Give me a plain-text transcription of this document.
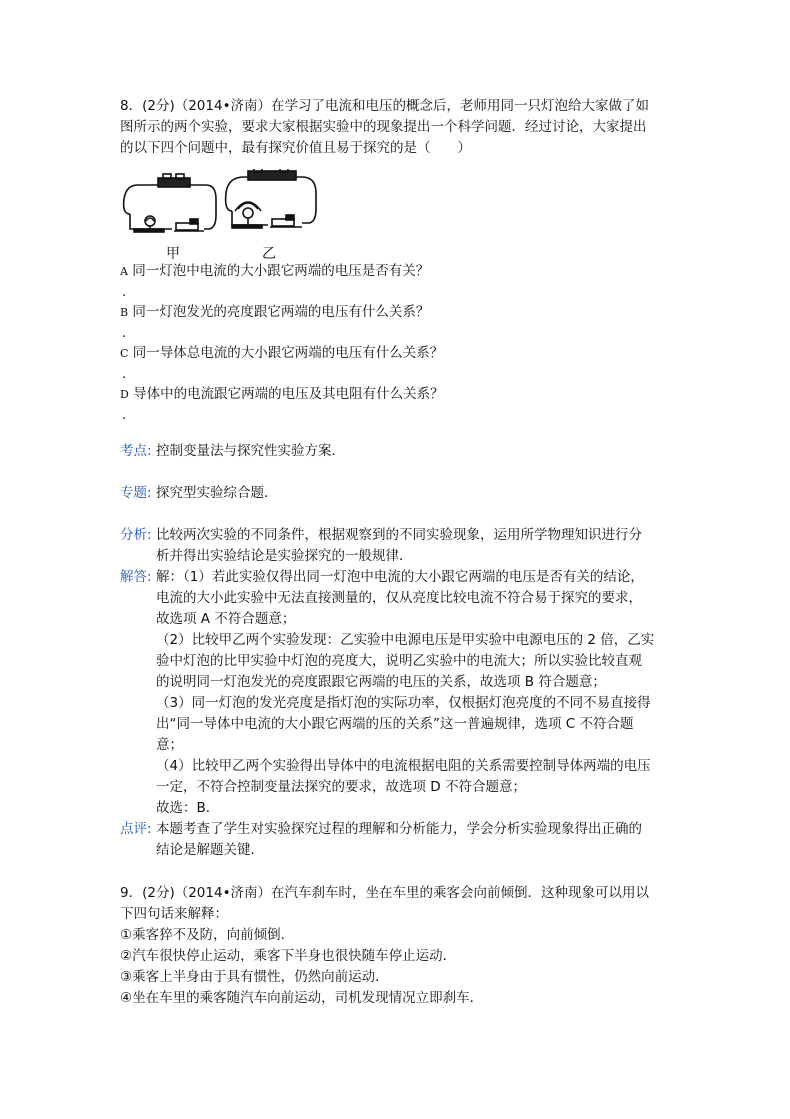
8．(2分)（2014•济南）在学习了电流和电压的概念后，老师用同一只灯泡给大家做了如
图所示的两个实验，要求大家根据实验中的现象提出一个科学问题．经过讨论，大家提出
的以下四个问题中，最有探究价值且易于探究的是（　　）
甲	乙
A 同一灯泡中电流的大小跟它两端的电压是否有关？
.
B 同一灯泡发光的亮度跟它两端的电压有什么关系？
.
C 同一导体总电流的大小跟它两端的电压有什么关系？
.
D 导体中的电流跟它两端的电压及其电阻有什么关系？
.
考点: 控制变量法与探究性实验方案．
专题: 探究型实验综合题．
分析: 比较两次实验的不同条件，根据观察到的不同实验现象，运用所学物理知识进行分
析并得出实验结论是实验探究的一般规律．
解答: 解：（1）若此实验仅得出同一灯泡中电流的大小跟它两端的电压是否有关的结论，
电流的大小此实验中无法直接测量的，仅从亮度比较电流不符合易于探究的要求，
故选项 A 不符合题意；
（2）比较甲乙两个实验发现：乙实验中电源电压是甲实验中电源电压的 2 倍，乙实
验中灯泡的比甲实验中灯泡的亮度大，说明乙实验中的电流大；所以实验比较直观
的说明同一灯泡发光的亮度跟跟它两端的电压的关系，故选项 B 符合题意；
（3）同一灯泡的发光亮度是指灯泡的实际功率，仅根据灯泡亮度的不同不易直接得
出“同一导体中电流的大小跟它两端的压的关系”这一普遍规律，选项 C 不符合题
意；
（4）比较甲乙两个实验得出导体中的电流根据电阻的关系需要控制导体两端的电压
一定，不符合控制变量法探究的要求，故选项 D 不符合题意；
故选：B．
点评: 本题考查了学生对实验探究过程的理解和分析能力，学会分析实验现象得出正确的
结论是解题关键．
9．(2分)（2014•济南）在汽车刹车时，坐在车里的乘客会向前倾倒．这种现象可以用以
下四句话来解释：
①乘客猝不及防，向前倾倒．
②汽车很快停止运动，乘客下半身也很快随车停止运动．
③乘客上半身由于具有惯性，仍然向前运动．
④坐在车里的乘客随汽车向前运动，司机发现情况立即刹车．
